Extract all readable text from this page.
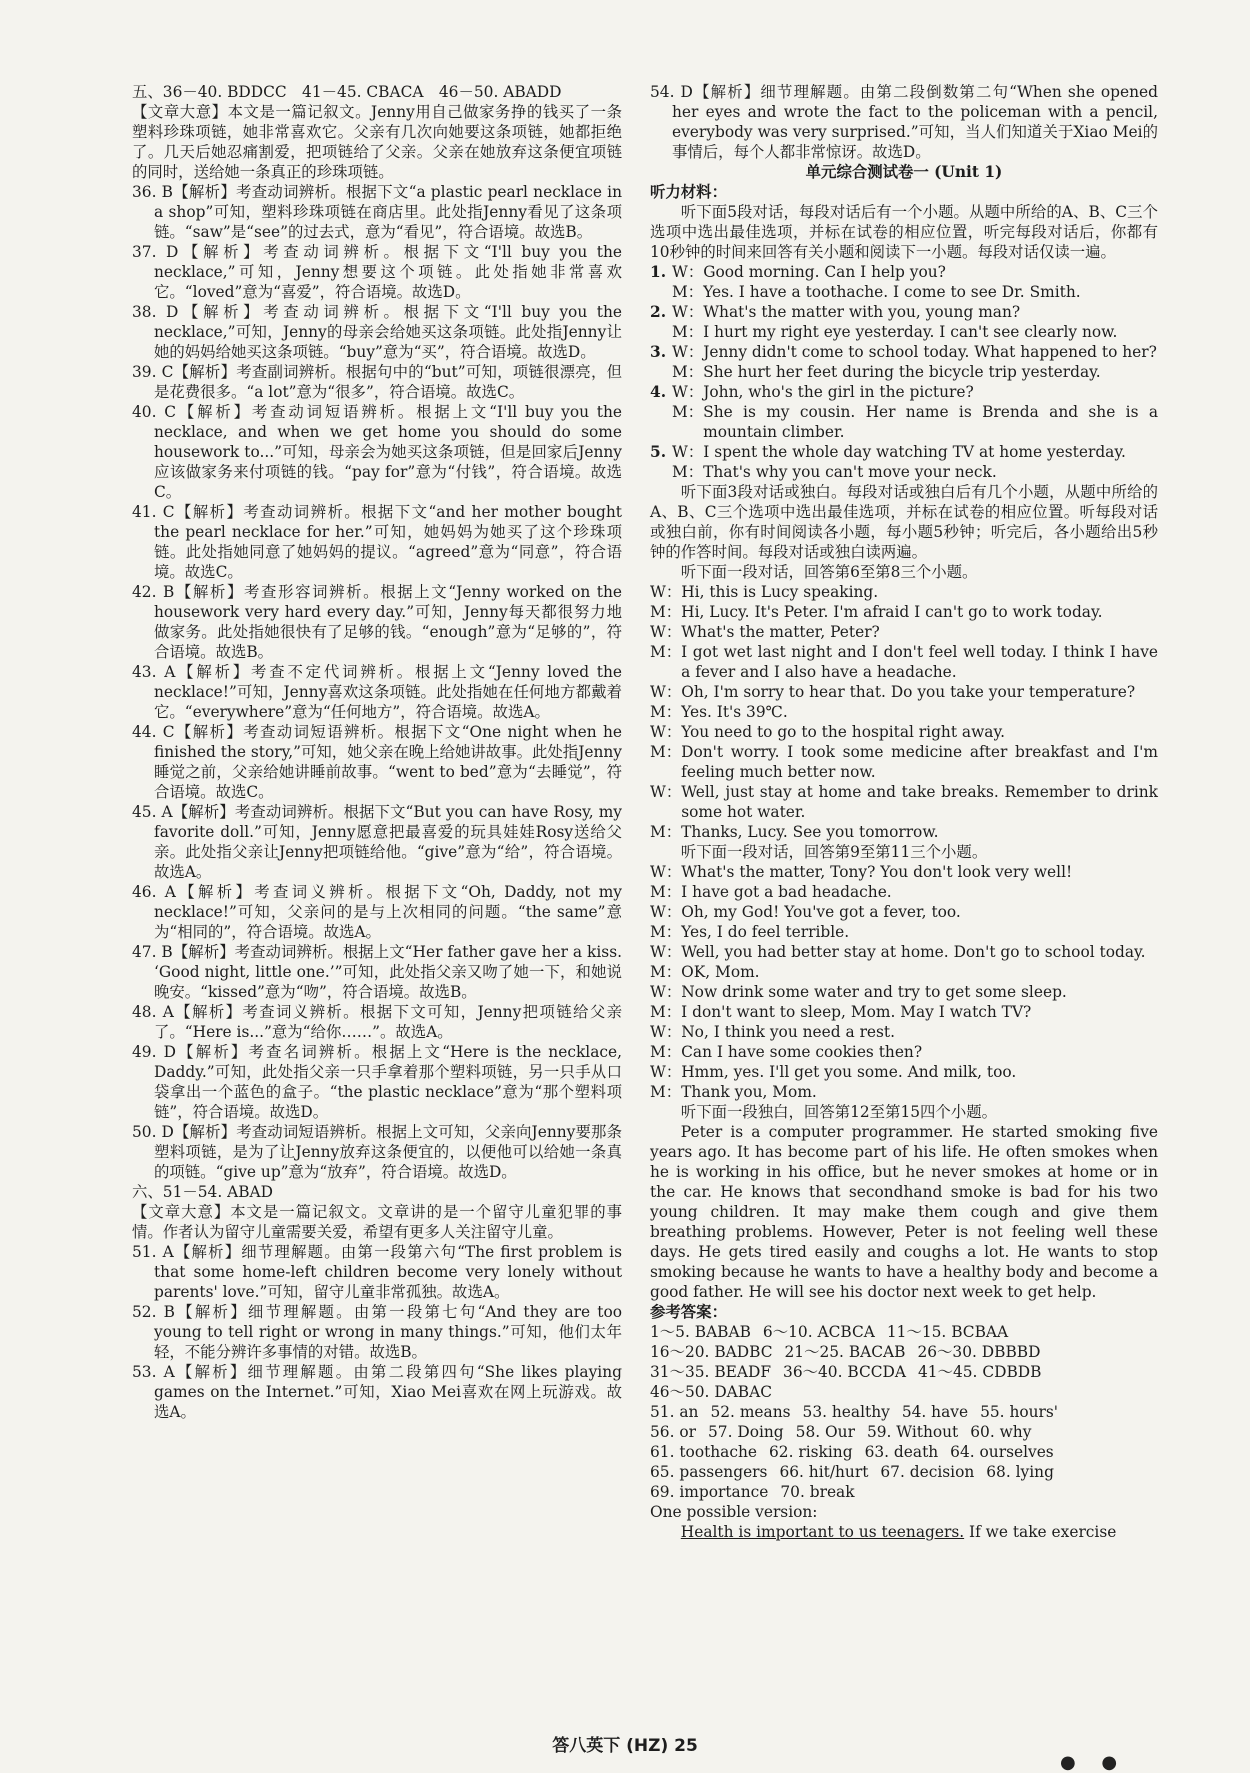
五、36－40. BDDCC　41－45. CBACA　46－50. ABADD

【文章大意】本文是一篇记叙文。Jenny用自己做家务挣的钱买了一条塑料珍珠项链，她非常喜欢它。父亲有几次向她要这条项链，她都拒绝了。几天后她忍痛割爱，把项链给了父亲。父亲在她放弃这条便宜项链的同时，送给她一条真正的珍珠项链。

36. B【解析】考查动词辨析。根据下文“a plastic pearl necklace in a shop”可知，塑料珍珠项链在商店里。此处指Jenny看见了这条项链。“saw”是“see”的过去式，意为“看见”，符合语境。故选B。

37. D【解析】考查动词辨析。根据下文“I'll buy you the necklace,”可知，Jenny想要这个项链。此处指她非常喜欢它。“loved”意为“喜爱”，符合语境。故选D。

38. D【解析】考查动词辨析。根据下文“I'll buy you the necklace,”可知，Jenny的母亲会给她买这条项链。此处指Jenny让她的妈妈给她买这条项链。“buy”意为“买”，符合语境。故选D。

39. C【解析】考查副词辨析。根据句中的“but”可知，项链很漂亮，但是花费很多。“a lot”意为“很多”，符合语境。故选C。

40. C【解析】考查动词短语辨析。根据上文“I'll buy you the necklace, and when we get home you should do some housework to...”可知，母亲会为她买这条项链，但是回家后Jenny应该做家务来付项链的钱。“pay for”意为“付钱”，符合语境。故选C。

41. C【解析】考查动词辨析。根据下文“and her mother bought the pearl necklace for her.”可知，她妈妈为她买了这个珍珠项链。此处指她同意了她妈妈的提议。“agreed”意为“同意”，符合语境。故选C。

42. B【解析】考查形容词辨析。根据上文“Jenny worked on the housework very hard every day.”可知，Jenny每天都很努力地做家务。此处指她很快有了足够的钱。“enough”意为“足够的”，符合语境。故选B。

43. A【解析】考查不定代词辨析。根据上文“Jenny loved the necklace!”可知，Jenny喜欢这条项链。此处指她在任何地方都戴着它。“everywhere”意为“任何地方”，符合语境。故选A。

44. C【解析】考查动词短语辨析。根据下文“One night when he finished the story,”可知，她父亲在晚上给她讲故事。此处指Jenny睡觉之前，父亲给她讲睡前故事。“went to bed”意为“去睡觉”，符合语境。故选C。

45. A【解析】考查动词辨析。根据下文“But you can have Rosy, my favorite doll.”可知，Jenny愿意把最喜爱的玩具娃娃Rosy送给父亲。此处指父亲让Jenny把项链给他。“give”意为“给”，符合语境。故选A。

46. A【解析】考查词义辨析。根据下文“Oh, Daddy, not my necklace!”可知，父亲问的是与上次相同的问题。“the same”意为“相同的”，符合语境。故选A。

47. B【解析】考查动词辨析。根据上文“Her father gave her a kiss. ‘Good night, little one.’”可知，此处指父亲又吻了她一下，和她说晚安。“kissed”意为“吻”，符合语境。故选B。

48. A【解析】考查词义辨析。根据下文可知，Jenny把项链给父亲了。“Here is...”意为“给你……”。故选A。

49. D【解析】考查名词辨析。根据上文“Here is the necklace, Daddy.”可知，此处指父亲一只手拿着那个塑料项链，另一只手从口袋拿出一个蓝色的盒子。“the plastic necklace”意为“那个塑料项链”，符合语境。故选D。

50. D【解析】考查动词短语辨析。根据上文可知，父亲向Jenny要那条塑料项链，是为了让Jenny放弃这条便宜的，以便他可以给她一条真的项链。“give up”意为“放弃”，符合语境。故选D。

六、51－54. ABAD

【文章大意】本文是一篇记叙文。文章讲的是一个留守儿童犯罪的事情。作者认为留守儿童需要关爱，希望有更多人关注留守儿童。

51. A【解析】细节理解题。由第一段第六句“The first problem is that some home-left children become very lonely without parents' love.”可知，留守儿童非常孤独。故选A。

52. B【解析】细节理解题。由第一段第七句“And they are too young to tell right or wrong in many things.”可知，他们太年轻，不能分辨许多事情的对错。故选B。

53. A【解析】细节理解题。由第二段第四句“She likes playing games on the Internet.”可知，Xiao Mei喜欢在网上玩游戏。故选A。

54. D【解析】细节理解题。由第二段倒数第二句“When she opened her eyes and wrote the fact to the policeman with a pencil, everybody was very surprised.”可知，当人们知道关于Xiao Mei的事情后，每个人都非常惊讶。故选D。

单元综合测试卷一 (Unit 1)

听力材料：

听下面5段对话，每段对话后有一个小题。从题中所给的A、B、C三个选项中选出最佳选项，并标在试卷的相应位置，听完每段对话后，你都有10秒钟的时间来回答有关小题和阅读下一小题。每段对话仅读一遍。

1. W： Good morning. Can I help you?
M： Yes. I have a toothache. I come to see Dr. Smith.
2. W： What's the matter with you, young man?
M： I hurt my right eye yesterday. I can't see clearly now.
3. W： Jenny didn't come to school today. What happened to her?
M： She hurt her feet during the bicycle trip yesterday.
4. W： John, who's the girl in the picture?
M： She is my cousin. Her name is Brenda and she is a mountain climber.
5. W： I spent the whole day watching TV at home yesterday.
M： That's why you can't move your neck.

听下面3段对话或独白。每段对话或独白后有几个小题，从题中所给的A、B、C三个选项中选出最佳选项，并标在试卷的相应位置。听每段对话或独白前，你有时间阅读各小题，每小题5秒钟；听完后，各小题给出5秒钟的作答时间。每段对话或独白读两遍。

听下面一段对话，回答第6至第8三个小题。

W： Hi, this is Lucy speaking.
M： Hi, Lucy. It's Peter. I'm afraid I can't go to work today.
W： What's the matter, Peter?
M： I got wet last night and I don't feel well today. I think I have a fever and I also have a headache.
W： Oh, I'm sorry to hear that. Do you take your temperature?
M： Yes. It's 39℃.
W： You need to go to the hospital right away.
M： Don't worry. I took some medicine after breakfast and I'm feeling much better now.
W： Well, just stay at home and take breaks. Remember to drink some hot water.
M： Thanks, Lucy. See you tomorrow.

听下面一段对话，回答第9至第11三个小题。

W： What's the matter, Tony? You don't look very well!
M： I have got a bad headache.
W： Oh, my God! You've got a fever, too.
M： Yes, I do feel terrible.
W： Well, you had better stay at home. Don't go to school today.
M： OK, Mom.
W： Now drink some water and try to get some sleep.
M： I don't want to sleep, Mom. May I watch TV?
W： No, I think you need a rest.
M： Can I have some cookies then?
W： Hmm, yes. I'll get you some. And milk, too.
M： Thank you, Mom.

听下面一段独白，回答第12至第15四个小题。

Peter is a computer programmer. He started smoking five years ago. It has become part of his life. He often smokes when he is working in his office, but he never smokes at home or in the car. He knows that secondhand smoke is bad for his two young children. It may make them cough and give them breathing problems. However, Peter is not feeling well these days. He gets tired easily and coughs a lot. He wants to stop smoking because he wants to have a healthy body and become a good father. He will see his doctor next week to get help.

参考答案：

1～5. BABAB 6～10. ACBCA 11～15. BCBAA
16～20. BADBC 21～25. BACAB 26～30. DBBBD
31～35. BEADF 36～40. BCCDA 41～45. CDBDB
46～50. DABAC
51. an 52. means 53. healthy 54. have 55. hours'
56. or 57. Doing 58. Our 59. Without 60. why
61. toothache 62. risking 63. death 64. ourselves
65. passengers 66. hit/hurt 67. decision 68. lying
69. importance 70. break

One possible version:

Health is important to us teenagers. If we take exercise

答八英下 (HZ) 25
● ●
